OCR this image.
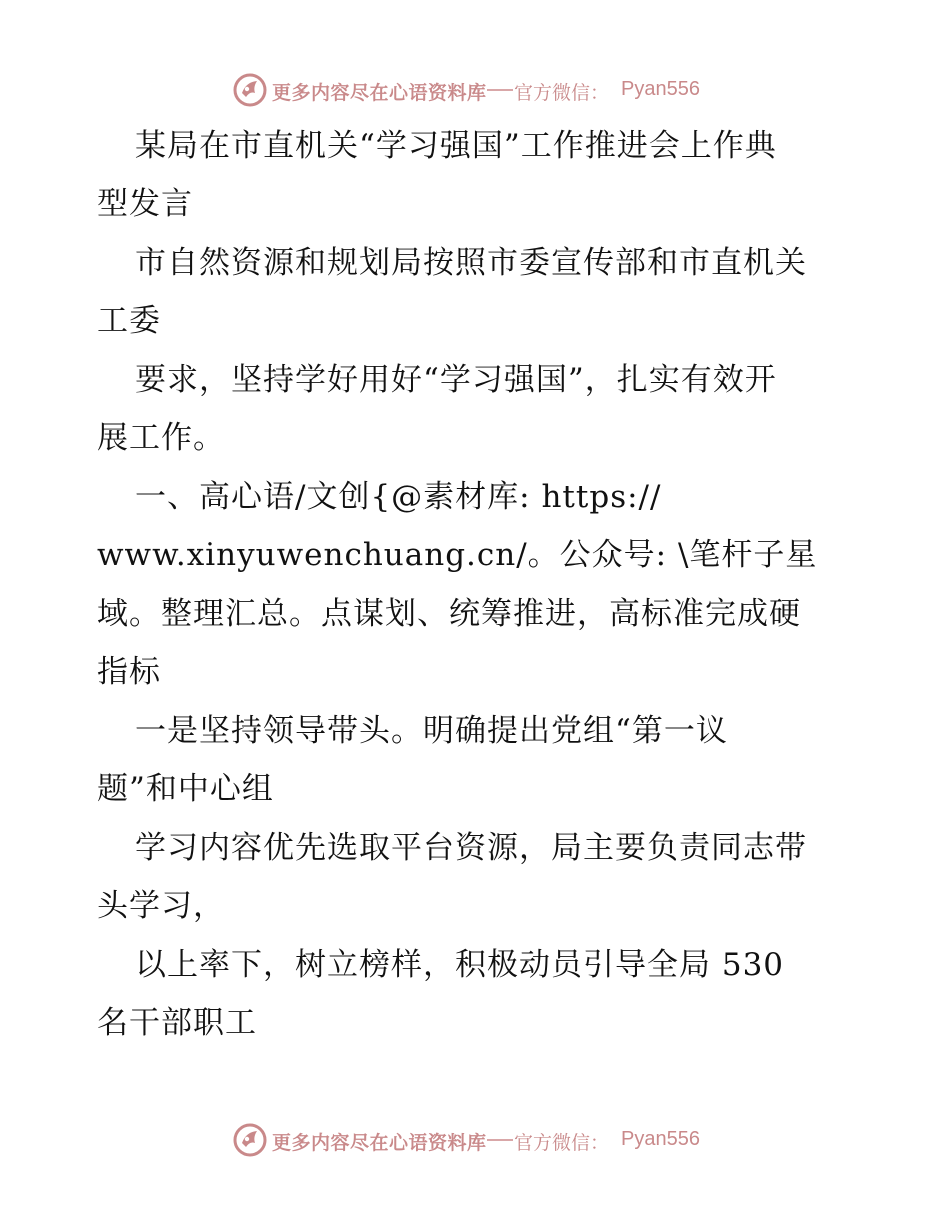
更多内容尽在心语资料库 官方微信： Pyan556
某局在市直机关“学习强国”工作推进会上作典
型发言
市自然资源和规划局按照市委宣传部和市直机关
工委
要求，坚持学好用好“学习强国”，扎实有效开
展工作。
一、高心语/文创{@素材库: https://
www.xinyuwenchuang.cn/。公众号: \笔杆子星
域。整理汇总。点谋划、统筹推进，高标准完成硬
指标
一是坚持领导带头。明确提出党组“第一议
题”和中心组
学习内容优先选取平台资源，局主要负责同志带
头学习，
以上率下，树立榜样，积极动员引导全局 530
名干部职工
更多内容尽在心语资料库 官方微信： Pyan556
